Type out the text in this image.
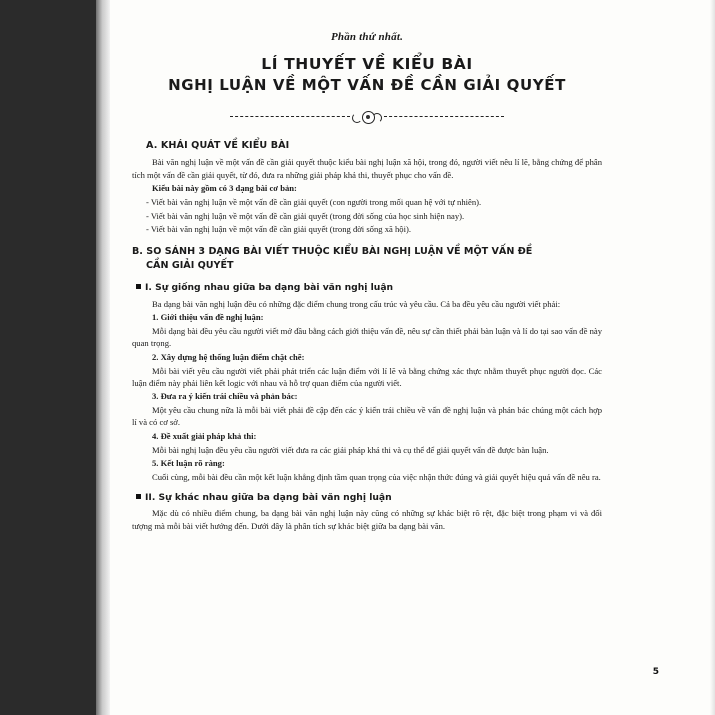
Phần thứ nhất.
LÍ THUYẾT VỀ KIỂU BÀI
NGHỊ LUẬN VỀ MỘT VẤN ĐỀ CẦN GIẢI QUYẾT
A. KHÁI QUÁT VỀ KIỂU BÀI

Bài văn nghị luận về một vấn đề cần giải quyết thuộc kiểu bài nghị luận xã hội, trong đó, người viết nêu lí lẽ, bằng chứng để phân tích một vấn đề cần giải quyết, từ đó, đưa ra những giải pháp khả thi, thuyết phục cho vấn đề.

Kiểu bài này gồm có 3 dạng bài cơ bản:

- Viết bài văn nghị luận về một vấn đề cần giải quyết (con người trong mối quan hệ với tự nhiên).

- Viết bài văn nghị luận về một vấn đề cần giải quyết (trong đời sống của học sinh hiện nay).

- Viết bài văn nghị luận về một vấn đề cần giải quyết (trong đời sống xã hội).

B. SO SÁNH 3 DẠNG BÀI VIẾT THUỘC KIỂU BÀI NGHỊ LUẬN VỀ MỘT VẤN ĐỀ
CẦN GIẢI QUYẾT
I. Sự giống nhau giữa ba dạng bài văn nghị luận

Ba dạng bài văn nghị luận đều có những đặc điểm chung trong cấu trúc và yêu cầu. Cả ba đều yêu cầu người viết phải:

1. Giới thiệu vấn đề nghị luận:

Mỗi dạng bài đều yêu cầu người viết mở đầu bằng cách giới thiệu vấn đề, nêu sự cần thiết phải bàn luận và lí do tại sao vấn đề này quan trọng.

2. Xây dựng hệ thống luận điểm chặt chẽ:

Mỗi bài viết yêu cầu người viết phải phát triển các luận điểm với lí lẽ và bằng chứng xác thực nhằm thuyết phục người đọc. Các luận điểm này phải liên kết logic với nhau và hỗ trợ quan điểm của người viết.

3. Đưa ra ý kiến trái chiều và phản bác:

Một yêu cầu chung nữa là mỗi bài viết phải đề cập đến các ý kiến trái chiều về vấn đề nghị luận và phản bác chúng một cách hợp lí và có cơ sở.

4. Đề xuất giải pháp khả thi:

Mỗi bài nghị luận đều yêu cầu người viết đưa ra các giải pháp khả thi và cụ thể để giải quyết vấn đề được bàn luận.

5. Kết luận rõ ràng:

Cuối cùng, mỗi bài đều cần một kết luận khẳng định tầm quan trọng của việc nhận thức đúng và giải quyết hiệu quả vấn đề nêu ra.

II. Sự khác nhau giữa ba dạng bài văn nghị luận

Mặc dù có nhiều điểm chung, ba dạng bài văn nghị luận này cũng có những sự khác biệt rõ rệt, đặc biệt trong phạm vi và đối tượng mà mỗi bài viết hướng đến. Dưới đây là phân tích sự khác biệt giữa ba dạng bài văn.

5
